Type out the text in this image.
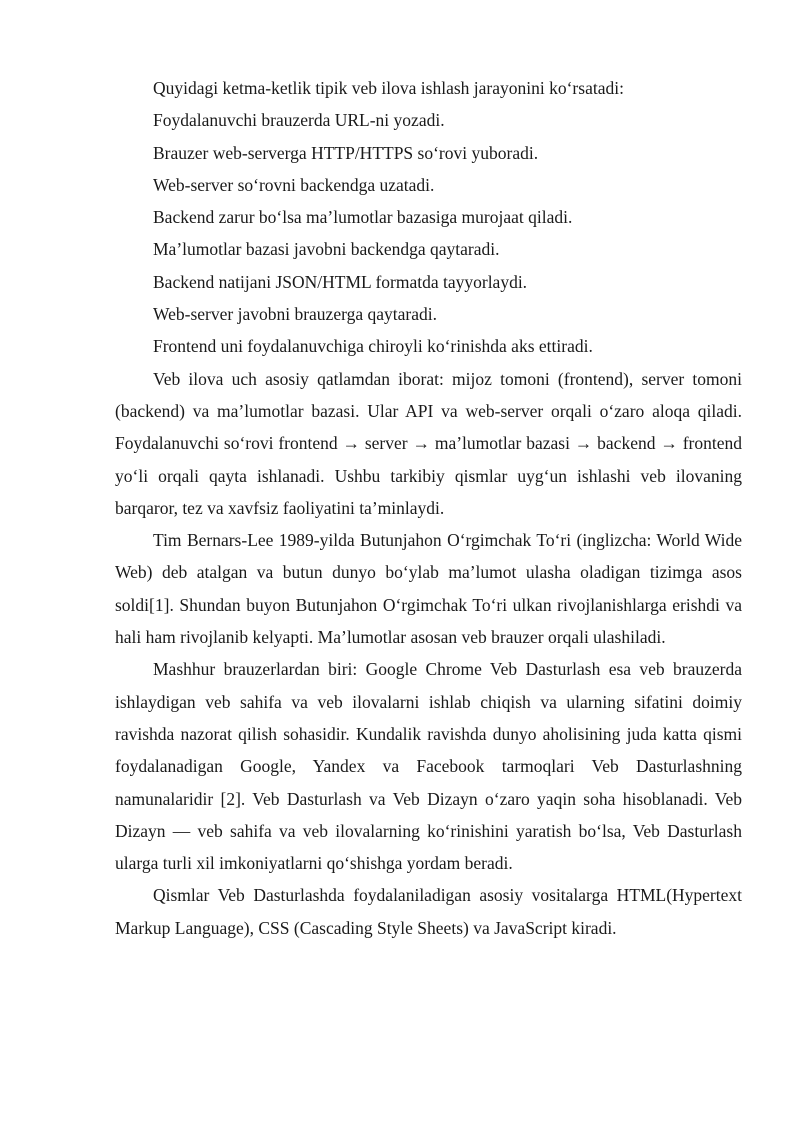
Quyidagi ketma-ketlik tipik veb ilova ishlash jarayonini ko‘rsatadi:

Foydalanuvchi brauzerda URL-ni yozadi.

Brauzer web-serverga HTTP/HTTPS so‘rovi yuboradi.

Web-server so‘rovni backendga uzatadi.

Backend zarur bo‘lsa ma’lumotlar bazasiga murojaat qiladi.

Ma’lumotlar bazasi javobni backendga qaytaradi.

Backend natijani JSON/HTML formatda tayyorlaydi.

Web-server javobni brauzerga qaytaradi.

Frontend uni foydalanuvchiga chiroyli ko‘rinishda aks ettiradi.

Veb ilova uch asosiy qatlamdan iborat: mijoz tomoni (frontend), server tomoni (backend) va ma’lumotlar bazasi. Ular API va web-server orqali o‘zaro aloqa qiladi. Foydalanuvchi so‘rovi frontend → server → ma’lumotlar bazasi → backend → frontend yo‘li orqali qayta ishlanadi. Ushbu tarkibiy qismlar uyg‘un ishlashi veb ilovaning barqaror, tez va xavfsiz faoliyatini ta’minlaydi.

Tim Bernars-Lee 1989-yilda Butunjahon O‘rgimchak To‘ri (inglizcha: World Wide Web) deb atalgan va butun dunyo bo‘ylab ma’lumot ulasha oladigan tizimga asos soldi[1]. Shundan buyon Butunjahon O‘rgimchak To‘ri ulkan rivojlanishlarga erishdi va hali ham rivojlanib kelyapti. Ma’lumotlar asosan veb brauzer orqali ulashiladi.

Mashhur brauzerlardan biri: Google Chrome Veb Dasturlash esa veb brauzerda ishlaydigan veb sahifa va veb ilovalarni ishlab chiqish va ularning sifatini doimiy ravishda nazorat qilish sohasidir. Kundalik ravishda dunyo aholisining juda katta qismi foydalanadigan Google, Yandex va Facebook tarmoqlari Veb Dasturlashning namunalaridir [2]. Veb Dasturlash va Veb Dizayn o‘zaro yaqin soha hisoblanadi. Veb Dizayn — veb sahifa va veb ilovalarning ko‘rinishini yaratish bo‘lsa, Veb Dasturlash ularga turli xil imkoniyatlarni qo‘shishga yordam beradi.

Qismlar Veb Dasturlashda foydalaniladigan asosiy vositalarga HTML(Hypertext Markup Language), CSS (Cascading Style Sheets) va JavaScript kiradi.
